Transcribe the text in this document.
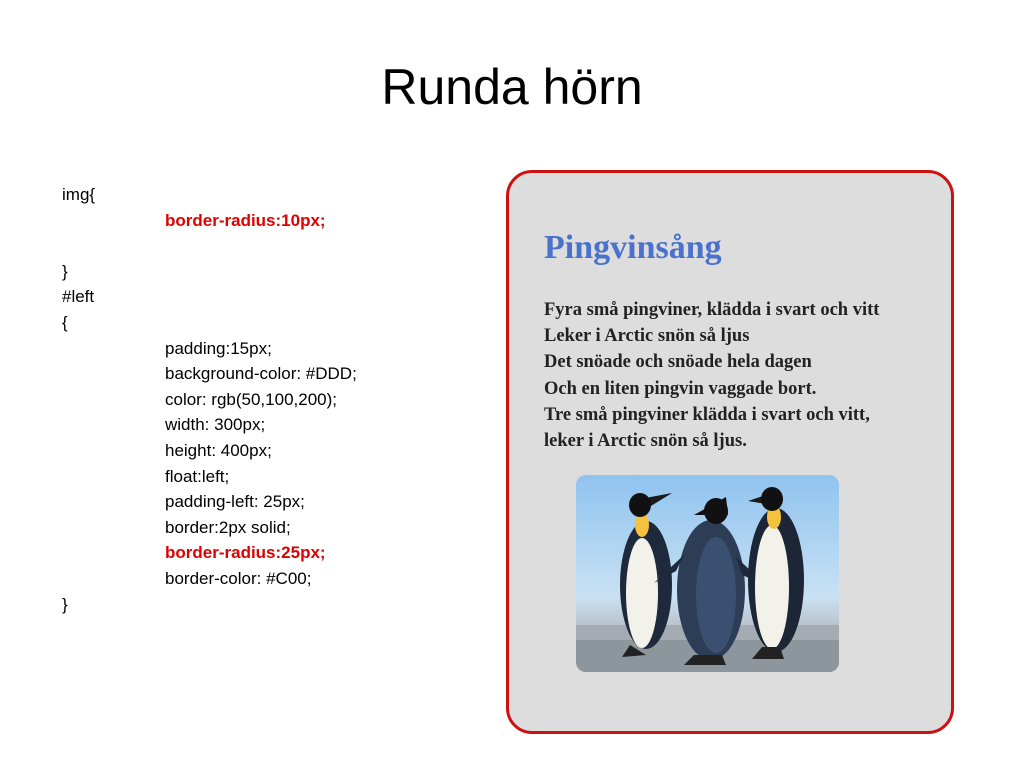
Runda hörn
img{
border-radius:10px;
}
#left
{
padding:15px;
background-color: #DDD;
color: rgb(50,100,200);
width: 300px;
height: 400px;
float:left;
padding-left: 25px;
border:2px solid;
border-radius:25px;
border-color: #C00;
}
Pingvinsång
Fyra små pingviner, klädda i svart och vitt
Leker i Arctic snön så ljus
Det snöade och snöade hela dagen
Och en liten pingvin vaggade bort.
Tre små pingviner klädda i svart och vitt,
leker i Arctic snön så ljus.
